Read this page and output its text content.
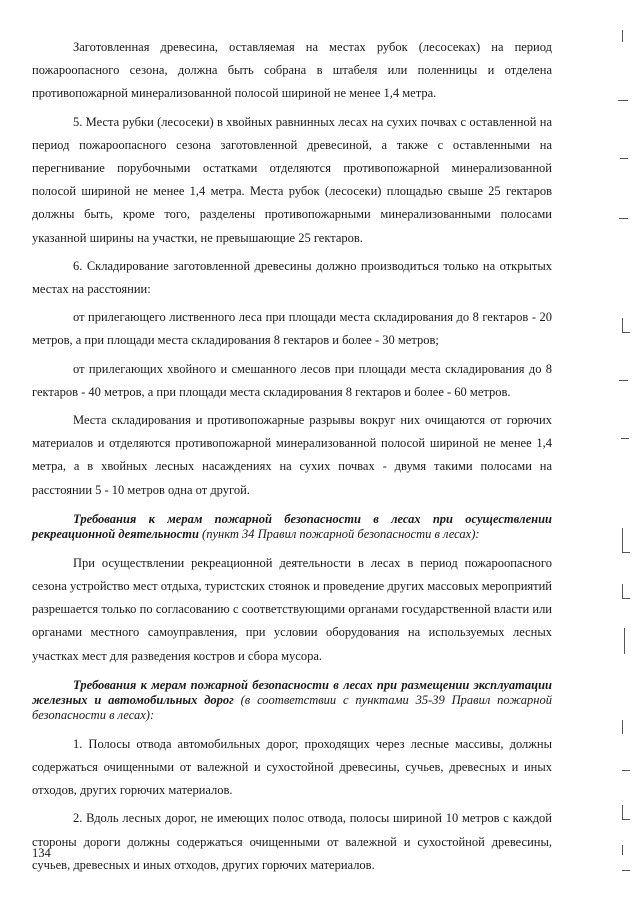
Заготовленная древесина, оставляемая на местах рубок (лесосеках) на период пожароопасного сезона, должна быть собрана в штабеля или поленницы и отделена противопожарной минерализованной полосой шириной не менее 1,4 метра.

5. Места рубки (лесосеки) в хвойных равнинных лесах на сухих почвах с оставленной на период пожароопасного сезона заготовленной древесиной, а также с оставленными на перегнивание порубочными остатками отделяются противопожарной минерализованной полосой шириной не менее 1,4 метра. Места рубок (лесосеки) площадью свыше 25 гектаров должны быть, кроме того, разделены противопожарными минерализованными полосами указанной ширины на участки, не превышающие 25 гектаров.

6. Складирование заготовленной древесины должно производиться только на открытых местах на расстоянии:

от прилегающего лиственного леса при площади места складирования до 8 гектаров - 20 метров, а при площади места складирования 8 гектаров и более - 30 метров;

от прилегающих хвойного и смешанного лесов при площади места складирования до 8 гектаров - 40 метров, а при площади места складирования 8 гектаров и более - 60 метров.

Места складирования и противопожарные разрывы вокруг них очищаются от горючих материалов и отделяются противопожарной минерализованной полосой шириной не менее 1,4 метра, а в хвойных лесных насаждениях на сухих почвах - двумя такими полосами на расстоянии 5 - 10 метров одна от другой.

Требования к мерам пожарной безопасности в лесах при осуществлении рекреационной деятельности (пункт 34 Правил пожарной безопасности в лесах):

При осуществлении рекреационной деятельности в лесах в период пожароопасного сезона устройство мест отдыха, туристских стоянок и проведение других массовых мероприятий разрешается только по согласованию с соответствующими органами государственной власти или органами местного самоуправления, при условии оборудования на используемых лесных участках мест для разведения костров и сбора мусора.

Требования к мерам пожарной безопасности в лесах при размещении эксплуатации железных и автомобильных дорог (в соответствии с пунктами 35-39 Правил пожарной безопасности в лесах):

1. Полосы отвода автомобильных дорог, проходящих через лесные массивы, должны содержаться очищенными от валежной и сухостойной древесины, сучьев, древесных и иных отходов, других горючих материалов.

2. Вдоль лесных дорог, не имеющих полос отвода, полосы шириной 10 метров с каждой стороны дороги должны содержаться очищенными от валежной и сухостойной древесины, сучьев, древесных и иных отходов, других горючих материалов.

134
